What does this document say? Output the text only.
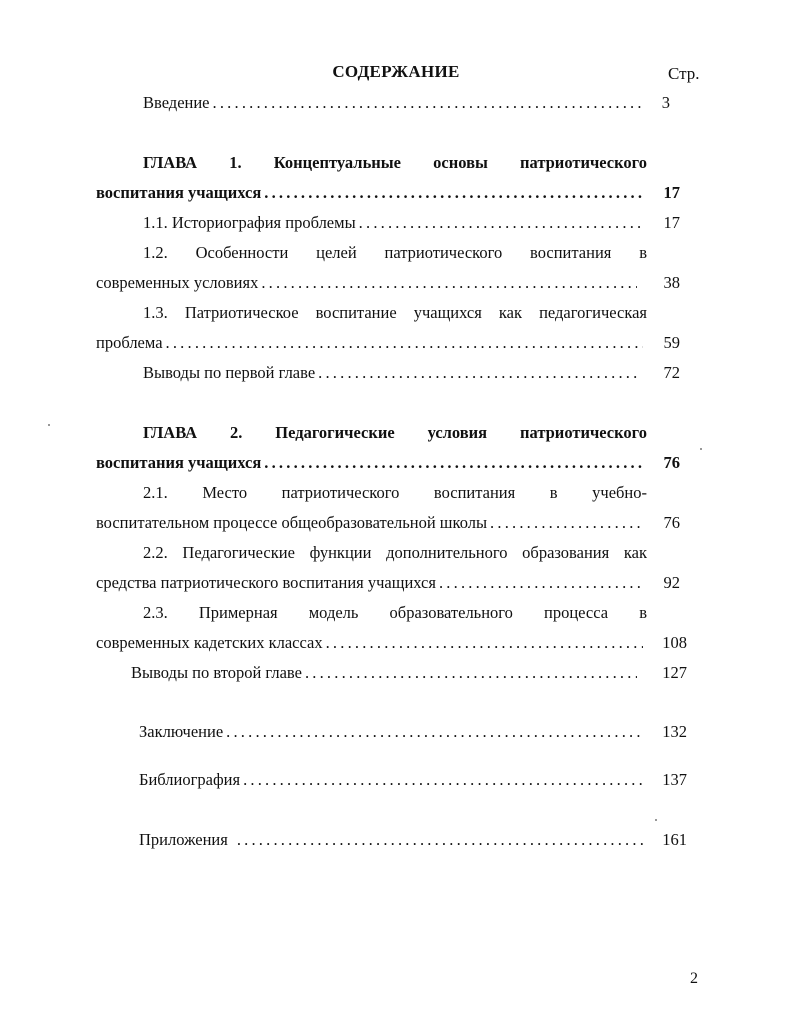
СОДЕРЖАНИЕ	Стр.
Введение .....	3
ГЛАВА 1. Концептуальные основы патриотического
воспитания учащихся .....	17
1.1. Историография проблемы .....	17
1.2. Особенности целей патриотического воспитания в
современных условиях .....	38
1.3. Патриотическое воспитание учащихся как педагогическая
проблема .....	59
Выводы по первой главе .....	72
ГЛАВА 2. Педагогические условия патриотического
воспитания учащихся .....	76
2.1. Место патриотического воспитания в учебно-
воспитательном процессе общеобразовательной школы .....	76
2.2. Педагогические функции дополнительного образования как
средства патриотического воспитания учащихся .....	92
2.3. Примерная модель образовательного процесса в
современных кадетских классах .....	108
Выводы по второй главе .....	127
Заключение .....	132
Библиография .....	137
Приложения .....	161
2
